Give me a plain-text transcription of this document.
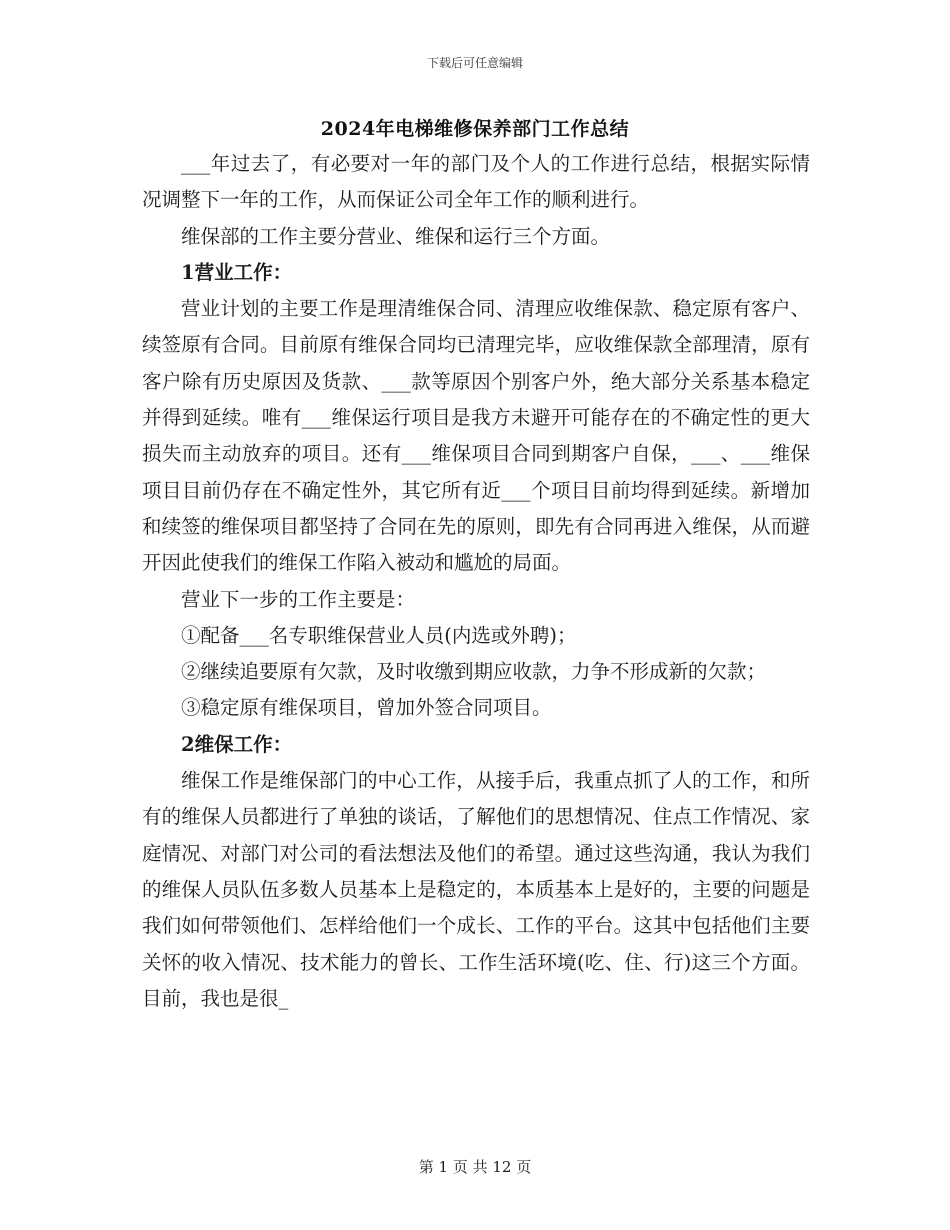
下载后可任意编辑
2024年电梯维修保养部门工作总结

___年过去了，有必要对一年的部门及个人的工作进行总结，根据实际情况调整下一年的工作，从而保证公司全年工作的顺利进行。

维保部的工作主要分营业、维保和运行三个方面。

1营业工作：

营业计划的主要工作是理清维保合同、清理应收维保款、稳定原有客户、续签原有合同。目前原有维保合同均已清理完毕，应收维保款全部理清，原有客户除有历史原因及货款、___款等原因个别客户外，绝大部分关系基本稳定并得到延续。唯有___维保运行项目是我方未避开可能存在的不确定性的更大损失而主动放弃的项目。还有___维保项目合同到期客户自保，___、___维保项目目前仍存在不确定性外，其它所有近___个项目目前均得到延续。新增加和续签的维保项目都坚持了合同在先的原则，即先有合同再进入维保，从而避开因此使我们的维保工作陷入被动和尴尬的局面。

营业下一步的工作主要是：

①配备___名专职维保营业人员(内选或外聘)；

②继续追要原有欠款，及时收缴到期应收款，力争不形成新的欠款；

③稳定原有维保项目，曾加外签合同项目。

2维保工作：

维保工作是维保部门的中心工作，从接手后，我重点抓了人的工作，和所有的维保人员都进行了单独的谈话，了解他们的思想情况、住点工作情况、家庭情况、对部门对公司的看法想法及他们的希望。通过这些沟通，我认为我们的维保人员队伍多数人员基本上是稳定的，本质基本上是好的，主要的问题是我们如何带领他们、怎样给他们一个成长、工作的平台。这其中包括他们主要关怀的收入情况、技术能力的曾长、工作生活环境(吃、住、行)这三个方面。目前，我也是很_

第 1 页 共 12 页
